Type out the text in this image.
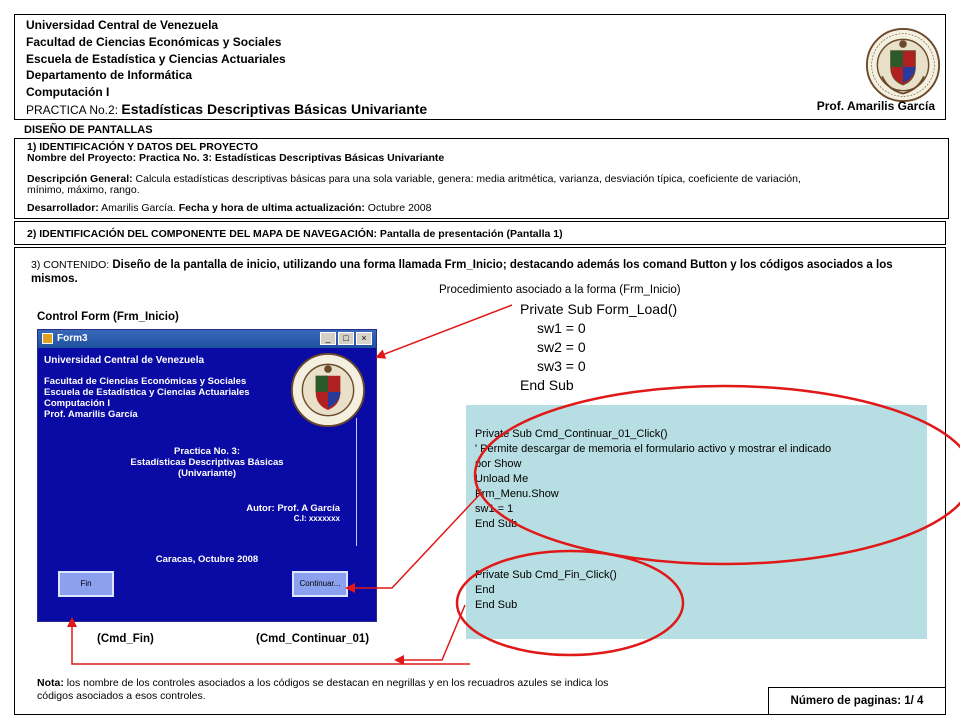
Universidad Central de Venezuela
Facultad de Ciencias Económicas y Sociales
Escuela de Estadística y Ciencias Actuariales
Departamento de Informática
Computación I
PRACTICA No.2: Estadísticas Descriptivas Básicas Univariante	Prof. Amarilis García
DISEÑO DE PANTALLAS
1) IDENTIFICACIÓN Y DATOS DEL PROYECTO
Nombre del Proyecto: Practica No. 3: Estadísticas Descriptivas Básicas Univariante
Descripción General: Calcula estadísticas descriptivas básicas para una sola variable, genera: media aritmética, varianza, desviación típica, coeficiente de variación,
mínimo, máximo, rango.
Desarrollador: Amarilis García. Fecha y hora de ultima actualización: Octubre 2008
2) IDENTIFICACIÓN DEL COMPONENTE DEL MAPA DE NAVEGACIÓN: Pantalla de presentación (Pantalla 1)
3) CONTENIDO: Diseño de la pantalla de inicio, utilizando una forma llamada Frm_Inicio; destacando además los comand Button y los códigos asociados a los mismos.
Procedimiento asociado a la forma (Frm_Inicio)
Private Sub Form_Load()
sw1 = 0
sw2 = 0
sw3 = 0
End Sub
Control Form (Frm_Inicio)
Form3	_	□	×
Universidad Central de Venezuela
Facultad de Ciencias Económicas y Sociales
Escuela de Estadística y Ciencias Actuariales
Computación I
Prof. Amarilis García
Practica No. 3:
Estadísticas Descriptivas Básicas
(Univariante)
Autor: Prof. A García
C.I: xxxxxxx
Caracas, Octubre 2008
Fin	Continuar...
Private Sub Cmd_Continuar_01_Click()
' Permite descargar de memoria el formulario activo y mostrar el indicado
por Show
Unload Me
Frm_Menu.Show
sw1 = 1
End Sub
Private Sub Cmd_Fin_Click()
End
End Sub
(Cmd_Fin)	(Cmd_Continuar_01)
Nota: los nombre de los controles asociados a los códigos se destacan en negrillas y en los recuadros azules se indica los
códigos asociados a esos controles.	Número de paginas: 1/ 4
